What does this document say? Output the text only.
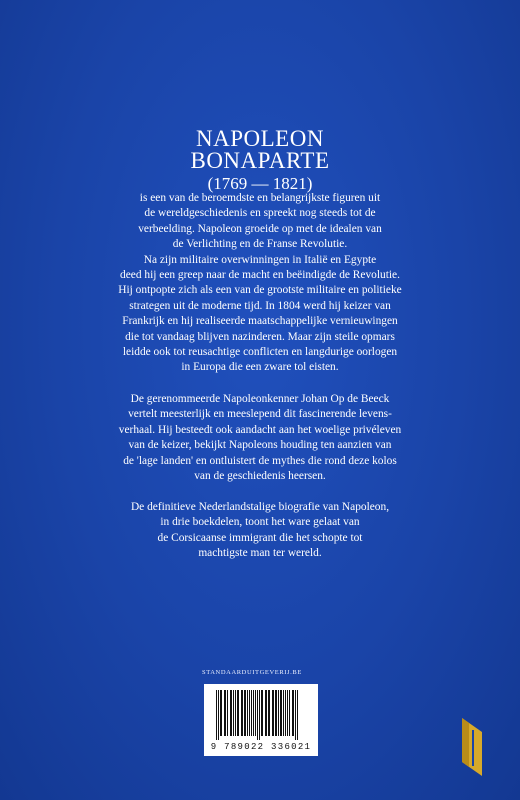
NAPOLEON
BONAPARTE
(1769 — 1821)

is een van de beroemdste en belangrijkste figuren uit
de wereldgeschiedenis en spreekt nog steeds tot de
verbeelding. Napoleon groeide op met de idealen van
de Verlichting en de Franse Revolutie.
Na zijn militaire overwinningen in Italië en Egypte
deed hij een greep naar de macht en beëindigde de Revolutie.
Hij ontpopte zich als een van de grootste militaire en politieke
strategen uit de moderne tijd. In 1804 werd hij keizer van
Frankrijk en hij realiseerde maatschappelijke vernieuwingen
die tot vandaag blijven nazinderen. Maar zijn steile opmars
leidde ook tot reusachtige conflicten en langdurige oorlogen
in Europa die een zware tol eisten.

De gerenommeerde Napoleonkenner Johan Op de Beeck
vertelt meesterlijk en meeslepend dit fascinerende levens-
verhaal. Hij besteedt ook aandacht aan het woelige privéleven
van de keizer, bekijkt Napoleons houding ten aanzien van
de 'lage landen' en ontluistert de mythes die rond deze kolos
van de geschiedenis heersen.

De definitieve Nederlandstalige biografie van Napoleon,
in drie boekdelen, toont het ware gelaat van
de Corsicaanse immigrant die het schopte tot
machtigste man ter wereld.

STANDAARDUITGEVERIJ.BE
9 789022 336021
